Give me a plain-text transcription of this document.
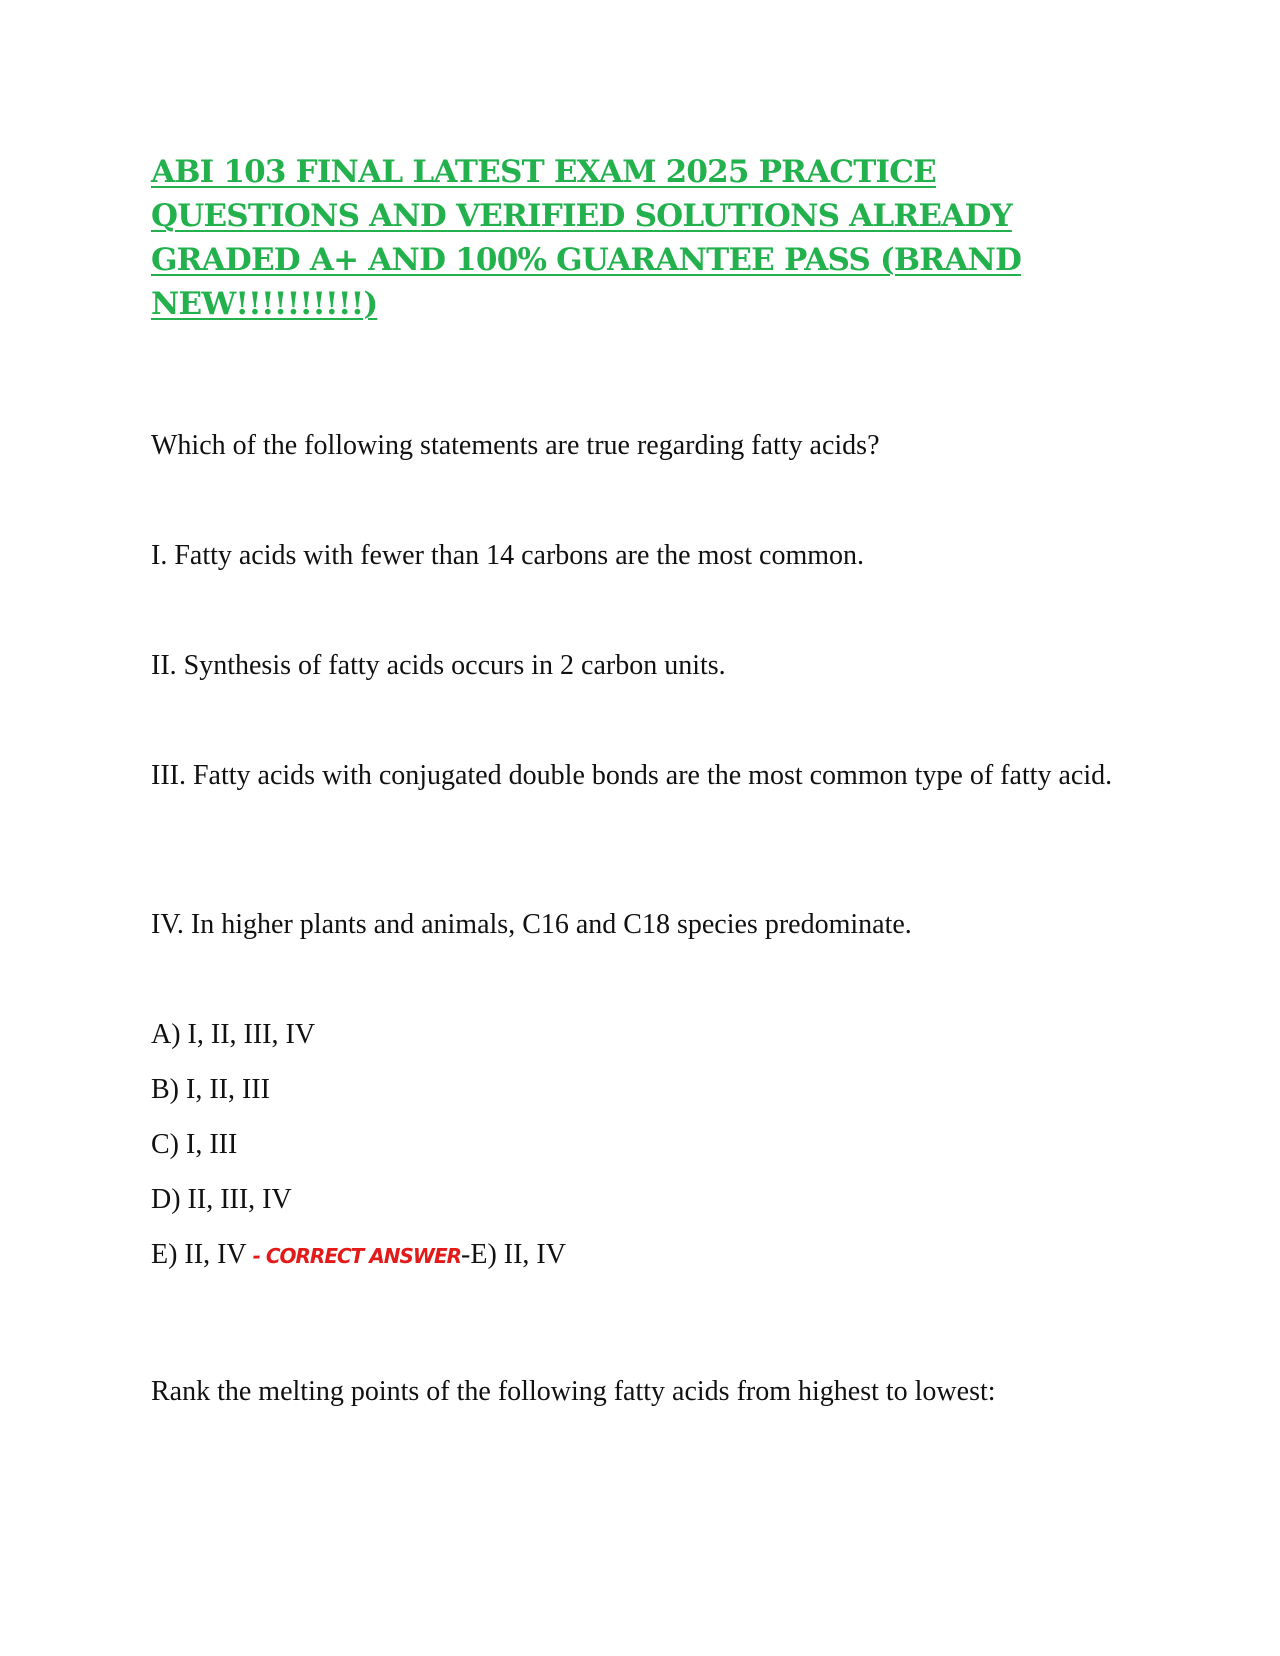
ABI 103 FINAL LATEST EXAM 2025 PRACTICE QUESTIONS AND VERIFIED SOLUTIONS ALREADY GRADED A+ AND 100% GUARANTEE PASS (BRAND NEW!!!!!!!!!!)

Which of the following statements are true regarding fatty acids?

I. Fatty acids with fewer than 14 carbons are the most common.

II. Synthesis of fatty acids occurs in 2 carbon units.

III. Fatty acids with conjugated double bonds are the most common type of fatty acid.

IV. In higher plants and animals, C16 and C18 species predominate.

A) I, II, III, IV

B) I, II, III

C) I, III

D) II, III, IV

E) II, IV - CORRECT ANSWER-E) II, IV

Rank the melting points of the following fatty acids from highest to lowest:
